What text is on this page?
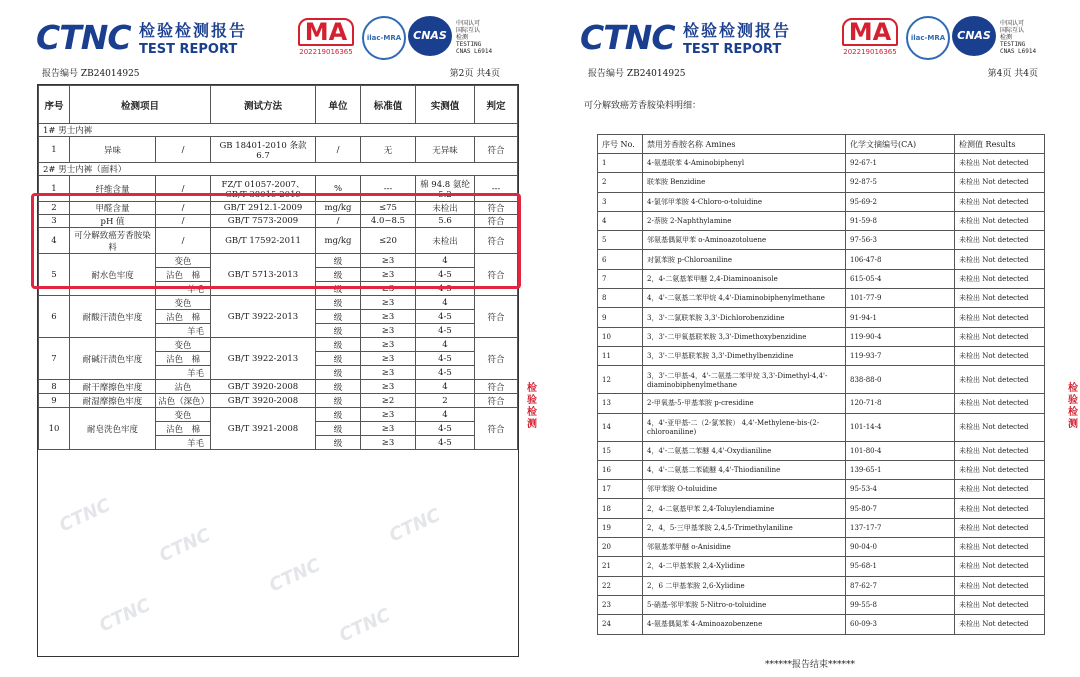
CTNC 检验检测报告
TEST REPORT
MA
202219016365
ilac-MRA	CNAS
中国认可
国际互认
检测
TESTING
CNAS L6914
报告编号 ZB24014925	第2页 共4页
序号	检测项目		测试方法	单位	标准值	实测值	判定
1# 男士内裤							
1	异味	/	GB 18401-2010 条款 6.7	/	无	无异味	符合
2# 男士内裤（面料）							
1	纤维含量	/	FZ/T 01057-2007、GB/T 38015-2019	%	---	棉 94.8 氨纶 5.2	---
2	甲醛含量	/	GB/T 2912.1-2009	mg/kg	≤75	未检出	符合
3	pH 值	/	GB/T 7573-2009	/	4.0~8.5	5.6	符合
4	可分解致癌芳香胺染料	/	GB/T 17592-2011	mg/kg	≤20	未检出	符合
5	耐水色牢度	变色	GB/T 5713-2013	级	≥3	4	符合
		沾色　 棉		级	≥3	4-5	
		羊毛		级	≥3	4-5	
6	耐酸汗渍色牢度	变色	GB/T 3922-2013	级	≥3	4	符合
		沾色　 棉		级	≥3	4-5	
		羊毛		级	≥3	4-5	
7	耐碱汗渍色牢度	变色	GB/T 3922-2013	级	≥3	4	符合
		沾色　 棉		级	≥3	4-5	
		羊毛		级	≥3	4-5	
8	耐干摩擦色牢度	沾色	GB/T 3920-2008	级	≥3	4	符合
9	耐湿摩擦色牢度	沾色（深色）	GB/T 3920-2008	级	≥2	2	符合
10	耐皂洗色牢度	变色	GB/T 3921-2008	级	≥3	4	符合
		沾色　 棉		级	≥3	4-5	
		羊毛		级	≥3	4-5	
CTNC
CTNC
CTNC
CTNC
CTNC	CTNC
检验检测
CTNC 检验检测报告
TEST REPORT
MA
202219016365
ilac-MRA	CNAS
中国认可
国际互认
检测
TESTING
CNAS L6914
报告编号 ZB24014925	第4页 共4页
可分解致癌芳香胺染料明细：
序号 No.	禁用芳香胺名称 Amines	化学文摘编号(CA)	检测值 Results
1	4-氨基联苯 4-Aminobiphenyl	92-67-1	未检出 Not detected
2	联苯胺 Benzidine	92-87-5	未检出 Not detected
3	4-氯邻甲苯胺 4-Chloro-o-toluidine	95-69-2	未检出 Not detected
4	2-萘胺 2-Naphthylamine	91-59-8	未检出 Not detected
5	邻氨基偶氮甲苯 o-Aminoazotoluene	97-56-3	未检出 Not detected
6	对氯苯胺 p-Chloroaniline	106-47-8	未检出 Not detected
7	2，4-二氨基苯甲醚 2,4-Diaminoanisole	615-05-4	未检出 Not detected
8	4，4'-二氨基二苯甲烷 4,4'-Diaminobiphenylmethane	101-77-9	未检出 Not detected
9	3，3'-二氯联苯胺 3,3'-Dichlorobenzidine	91-94-1	未检出 Not detected
10	3，3'-二甲氧基联苯胺 3,3'-Dimethoxybenzidine	119-90-4	未检出 Not detected
11	3，3'-二甲基联苯胺 3,3'-Dimethylbenzidine	119-93-7	未检出 Not detected
12	3，3'-二甲基-4，4'-二氨基二苯甲烷 3,3'-Dimethyl-4,4'-diaminobiphenylmethane	838-88-0	未检出 Not detected
13	2-甲氧基-5-甲基苯胺 p-cresidine	120-71-8	未检出 Not detected
14	4，4'-亚甲基-二（2-氯苯胺） 4,4'-Methylene-bis-(2-chloroaniline)	101-14-4	未检出 Not detected
15	4，4'-二氨基二苯醚 4,4'-Oxydianiline	101-80-4	未检出 Not detected
16	4，4'-二氨基二苯硫醚 4,4'-Thiodianiline	139-65-1	未检出 Not detected
17	邻甲苯胺 O-toluidine	95-53-4	未检出 Not detected
18	2，4-二氨基甲苯 2,4-Toluylendiamine	95-80-7	未检出 Not detected
19	2，4，5-三甲基苯胺 2,4,5-Trimethylaniline	137-17-7	未检出 Not detected
20	邻氨基苯甲醚 o-Anisidine	90-04-0	未检出 Not detected
21	2，4-二甲基苯胺 2,4-Xylidine	95-68-1	未检出 Not detected
22	2，6 二甲基苯胺 2,6-Xylidine	87-62-7	未检出 Not detected
23	5-硝基-邻甲苯胺 5-Nitro-o-toluidine	99-55-8	未检出 Not detected
24	4-氨基偶氮苯 4-Aminoazobenzene	60-09-3	未检出 Not detected
******报告结束******
检验检测
